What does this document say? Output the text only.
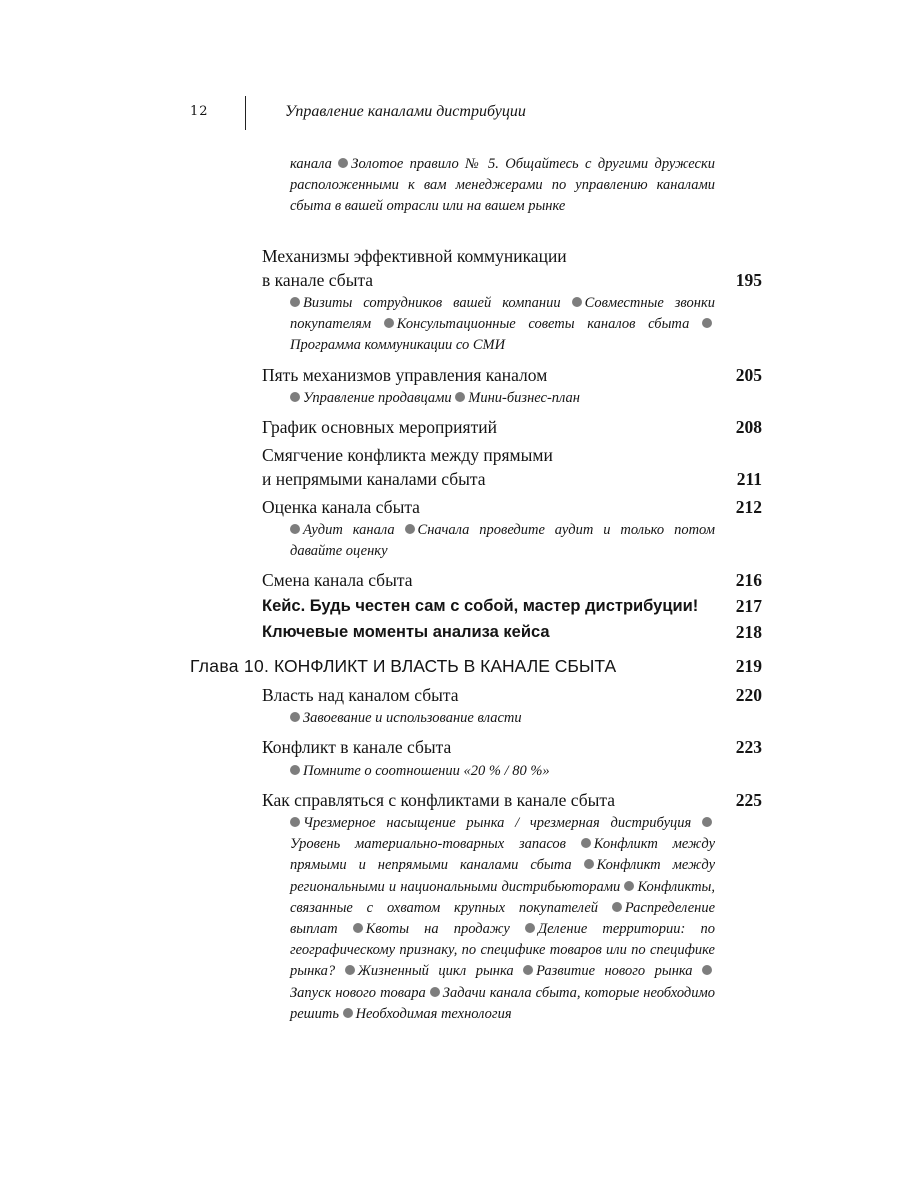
12	Управление каналами дистрибуции

канала Золотое правило № 5. Общайтесь с другими дружески расположенными к вам менеджерами по управлению каналами сбыта в вашей отрасли или на вашем рынке

Механизмы эффективной коммуникации
в канале сбыта	195

Визиты сотрудников вашей компании Совместные звонки покупателям Консультационные советы каналов сбыта Программа коммуникации со СМИ

Пять механизмов управления каналом	205

Управление продавцами Мини-бизнес-план

График основных мероприятий	208
Смягчение конфликта между прямыми
и непрямыми каналами сбыта	211
Оценка канала сбыта	212

Аудит канала Сначала проведите аудит и только потом давайте оценку

Смена канала сбыта	216
Кейс. Будь честен сам с собой, мастер дистрибуции!	217
Ключевые моменты анализа кейса	218
Глава 10. КОНФЛИКТ И ВЛАСТЬ В КАНАЛЕ СБЫТА	219
Власть над каналом сбыта	220

Завоевание и использование власти

Конфликт в канале сбыта	223

Помните о соотношении «20 % / 80 %»

Как справляться с конфликтами в канале сбыта	225

Чрезмерное насыщение рынка / чрезмерная дистрибуция Уровень материально-товарных запасов Конфликт между прямыми и непрямыми каналами сбыта Конфликт между региональными и национальными дистрибьюторами Конфликты, связанные с охватом крупных покупателей Распределение выплат Квоты на продажу Деление территории: по географическому признаку, по специфике товаров или по специфике рынка? Жизненный цикл рынка Развитие нового рынка Запуск нового товара Задачи канала сбыта, которые необходимо решить Необходимая технология
